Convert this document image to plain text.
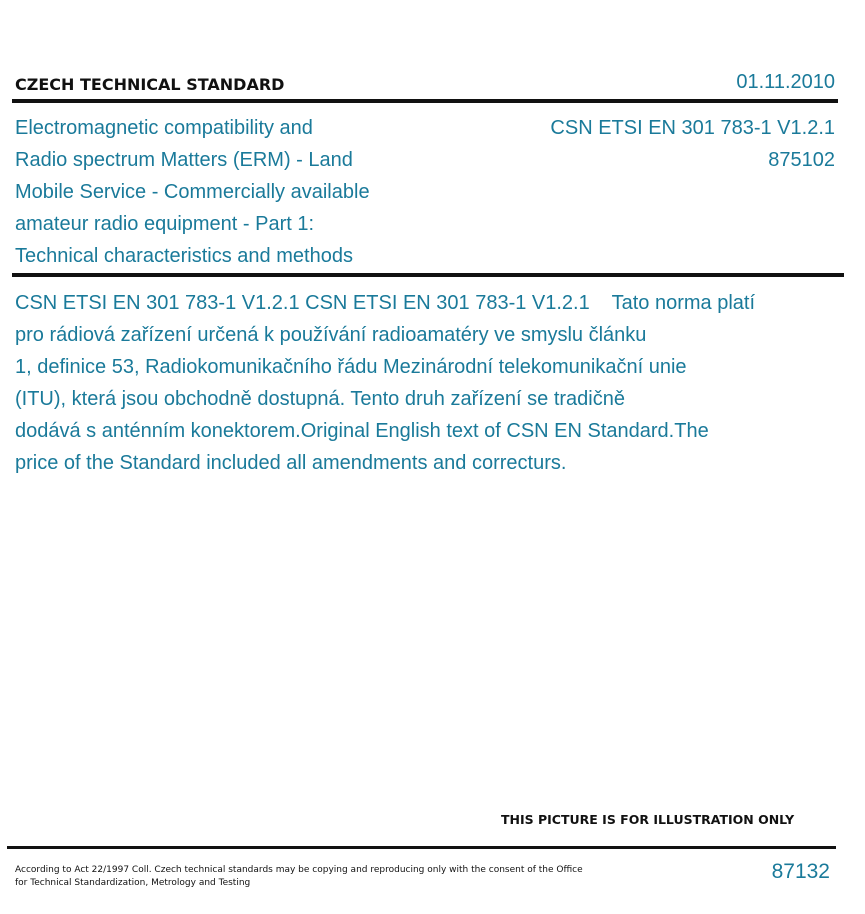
CZECH TECHNICAL STANDARD	01.11.2010
Electromagnetic compatibility and
Radio spectrum Matters (ERM) - Land
Mobile Service - Commercially available
amateur radio equipment - Part 1:
Technical characteristics and methods
CSN ETSI EN 301 783-1 V1.2.1
875102
CSN ETSI EN 301 783-1 V1.2.1 CSN ETSI EN 301 783-1 V1.2.1    Tato norma platí
pro rádiová zařízení určená k používání radioamatéry ve smyslu článku
1, definice 53, Radiokomunikačního řádu Mezinárodní telekomunikační unie
(ITU), která jsou obchodně dostupná. Tento druh zařízení se tradičně
dodává s anténním konektorem.Original English text of CSN EN Standard.The
price of the Standard included all amendments and correcturs.
THIS PICTURE IS FOR ILLUSTRATION ONLY
According to Act 22/1997 Coll. Czech technical standards may be copying and reproducing only with the consent of the Office
for Technical Standardization, Metrology and Testing	87132
